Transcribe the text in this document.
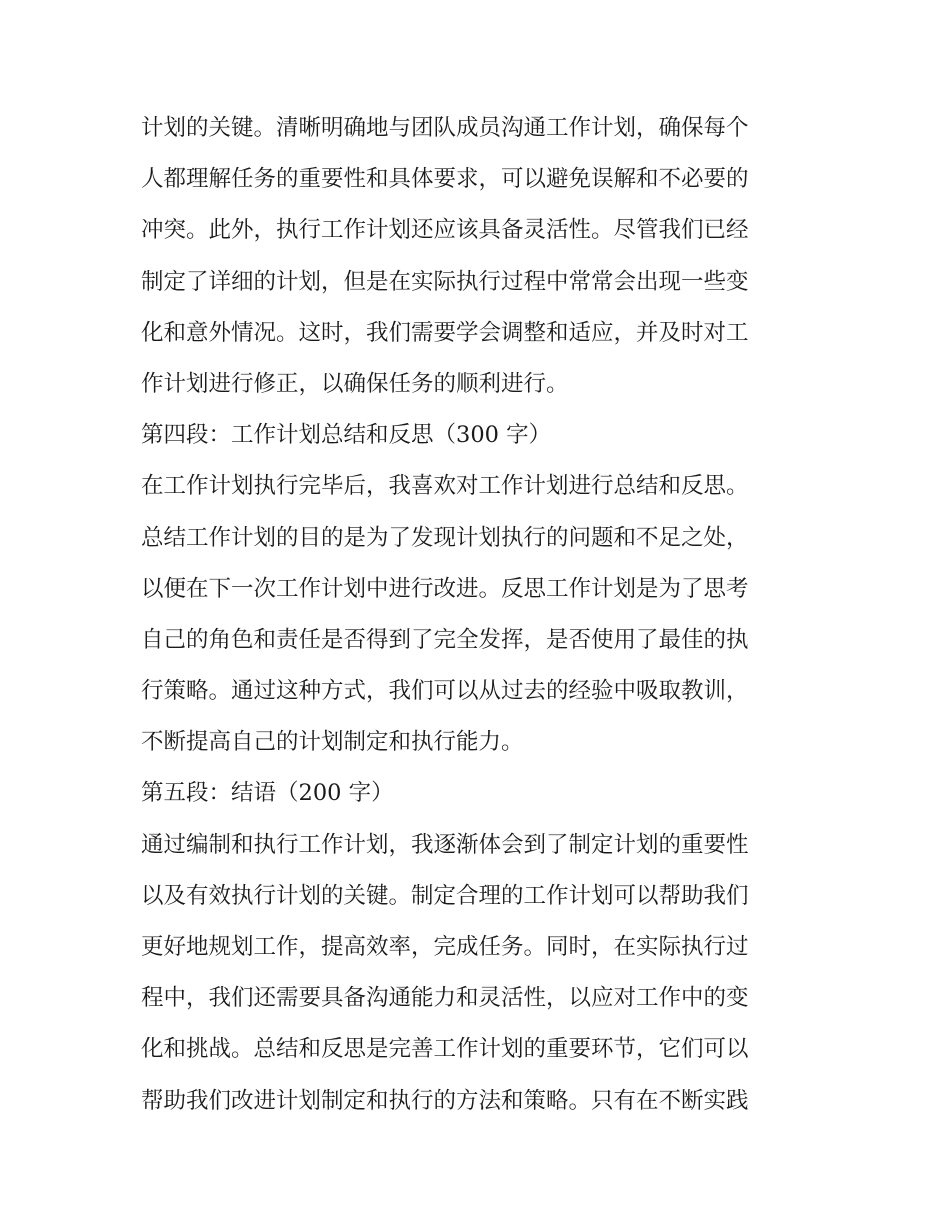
计划的关键。清晰明确地与团队成员沟通工作计划，确保每个
人都理解任务的重要性和具体要求，可以避免误解和不必要的
冲突。此外，执行工作计划还应该具备灵活性。尽管我们已经
制定了详细的计划，但是在实际执行过程中常常会出现一些变
化和意外情况。这时，我们需要学会调整和适应，并及时对工
作计划进行修正，以确保任务的顺利进行。
第四段：工作计划总结和反思（300 字）
在工作计划执行完毕后，我喜欢对工作计划进行总结和反思。
总结工作计划的目的是为了发现计划执行的问题和不足之处，
以便在下一次工作计划中进行改进。反思工作计划是为了思考
自己的角色和责任是否得到了完全发挥，是否使用了最佳的执
行策略。通过这种方式，我们可以从过去的经验中吸取教训，
不断提高自己的计划制定和执行能力。
第五段：结语（200 字）
通过编制和执行工作计划，我逐渐体会到了制定计划的重要性
以及有效执行计划的关键。制定合理的工作计划可以帮助我们
更好地规划工作，提高效率，完成任务。同时，在实际执行过
程中，我们还需要具备沟通能力和灵活性，以应对工作中的变
化和挑战。总结和反思是完善工作计划的重要环节，它们可以
帮助我们改进计划制定和执行的方法和策略。只有在不断实践
